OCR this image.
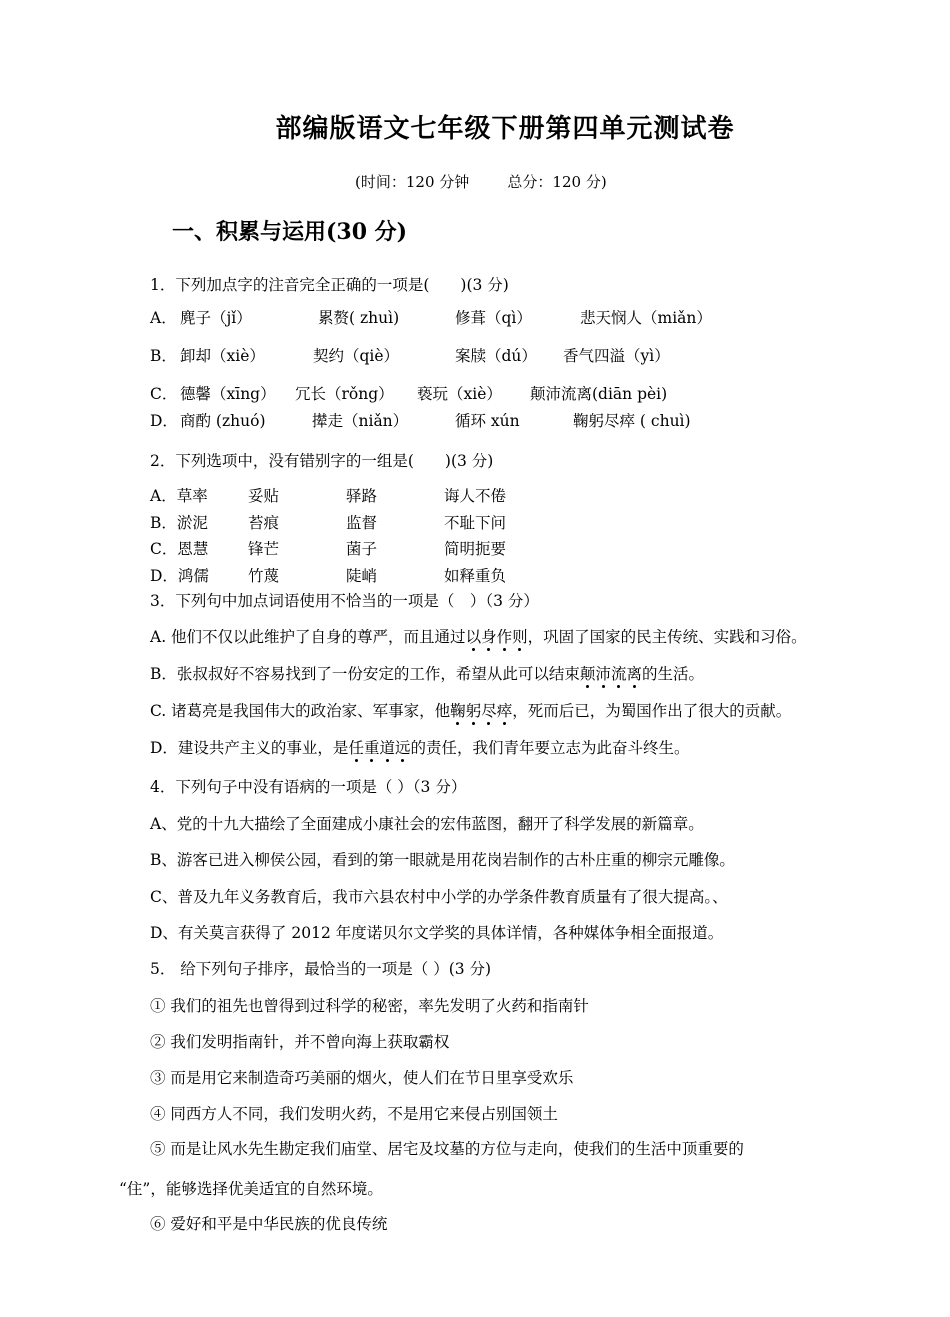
部编版语文七年级下册第四单元测试卷
(时间：120 分钟	总分：120 分)
一、积累与运用(30 分)
1．下列加点字的注音完全正确的一项是(　　)(3 分)
A． 麂子（jǐ）	累赘( zhuì)	修葺（qì）	悲天悯人（miǎn）
B． 卸却（xiè）	契约（qiè）	案牍（dú） 香气四溢（yì）
C． 德馨（xīng） 冗长（rǒng） 亵玩（xiè） 颠沛流离(diān pèi)
D． 商酌 (zhuó)	撵走（niǎn）	循环 xún	鞠躬尽瘁 ( chuì)
2．下列选项中，没有错别字的一组是(　　)(3 分)
A．草率	妥贴	驿路	诲人不倦
B．淤泥	苔痕	监督	不耻下问
C．恩慧	锋芒	菌子	简明扼要
D．鸿儒	竹蔑	陡峭	如释重负
3．下列句中加点词语使用不恰当的一项是（　）（3 分）
A. 他们不仅以此维护了自身的尊严，而且通过以身作则，巩固了国家的民主传统、实践和习俗。
B．张叔叔好不容易找到了一份安定的工作，希望从此可以结束颠沛流离的生活。
C. 诸葛亮是我国伟大的政治家、军事家，他鞠躬尽瘁，死而后已，为蜀国作出了很大的贡献。
D．建设共产主义的事业，是任重道远的责任，我们青年要立志为此奋斗终生。
4．下列句子中没有语病的一项是（ ）（3 分）
A、党的十九大描绘了全面建成小康社会的宏伟蓝图，翻开了科学发展的新篇章。
B、游客已进入柳侯公园，看到的第一眼就是用花岗岩制作的古朴庄重的柳宗元雕像。
C、普及九年义务教育后，我市六县农村中小学的办学条件教育质量有了很大提高。、
D、有关莫言获得了 2012 年度诺贝尔文学奖的具体详情，各种媒体争相全面报道。
5． 给下列句子排序，最恰当的一项是（ ）(3 分)
① 我们的祖先也曾得到过科学的秘密，率先发明了火药和指南针
② 我们发明指南针，并不曾向海上获取霸权
③ 而是用它来制造奇巧美丽的烟火，使人们在节日里享受欢乐
④ 同西方人不同，我们发明火药，不是用它来侵占别国领土
⑤ 而是让风水先生勘定我们庙堂、居宅及坟墓的方位与走向，使我们的生活中顶重要的
“住”，能够选择优美适宜的自然环境。
⑥ 爱好和平是中华民族的优良传统
